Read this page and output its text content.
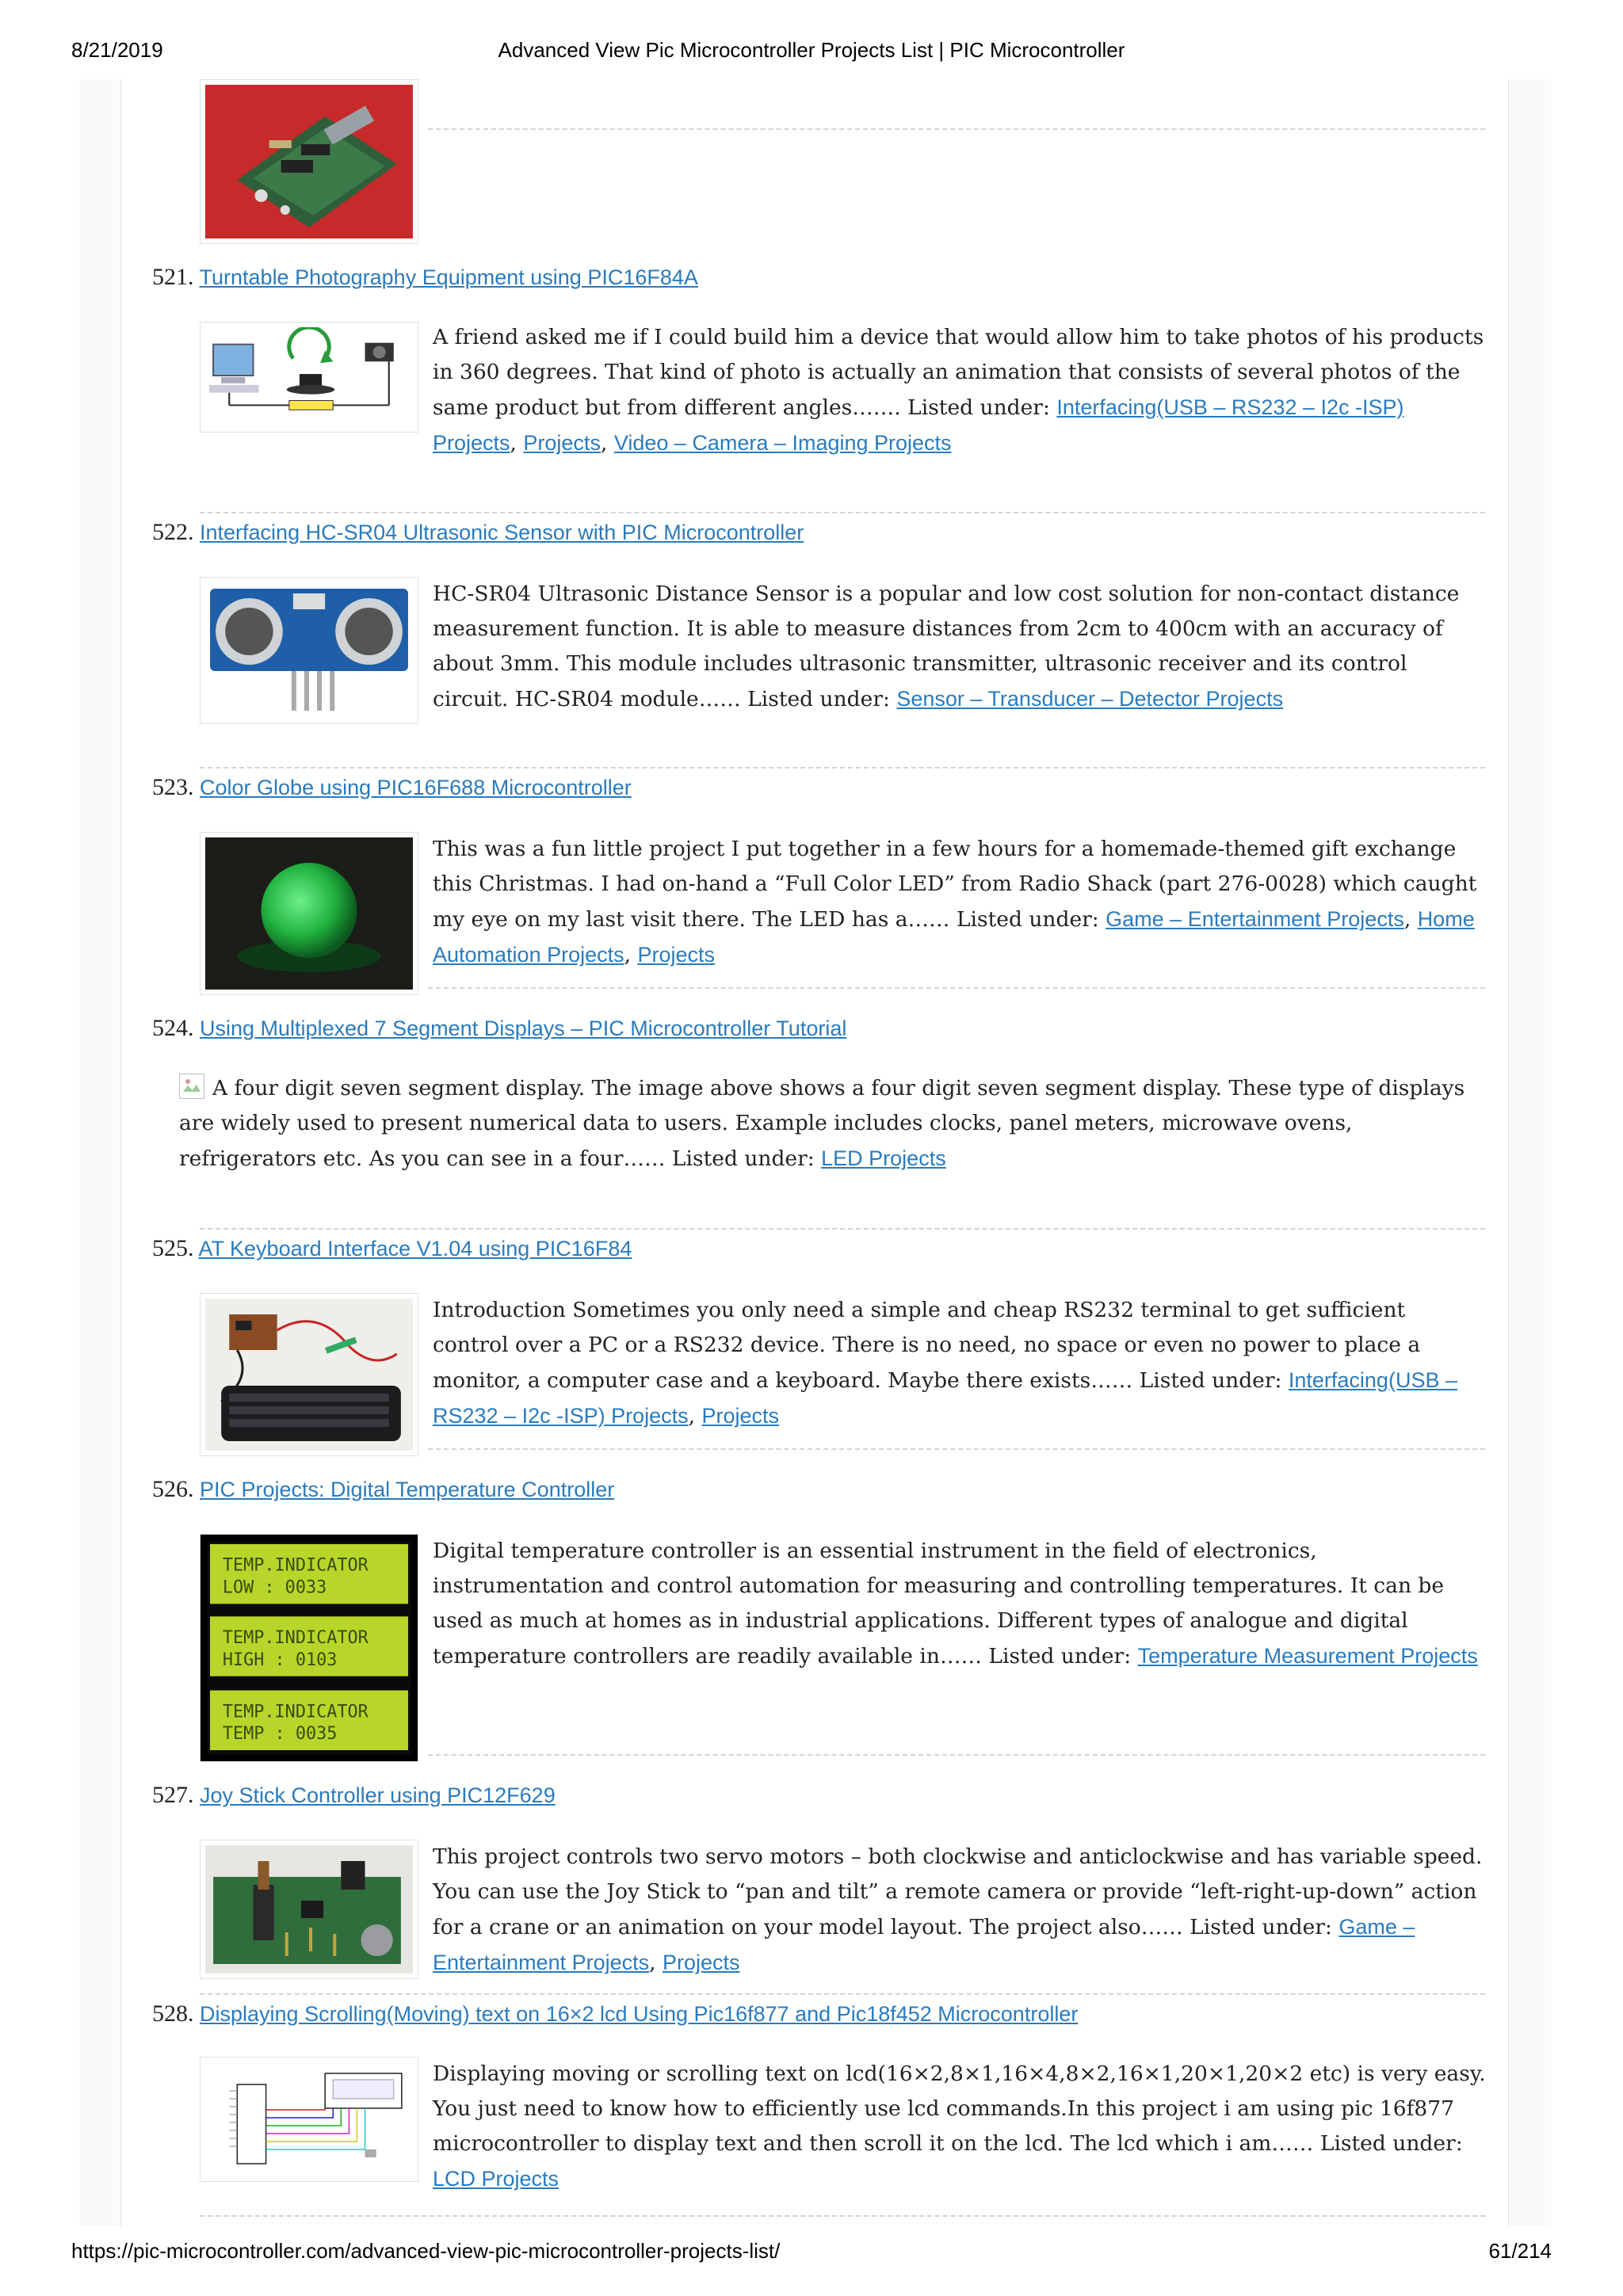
8/21/2019	Advanced View Pic Microcontroller Projects List | PIC Microcontroller
521. Turntable Photography Equipment using PIC16F84A
A friend asked me if I could build him a device that would allow him to take photos of his products in 360 degrees. That kind of photo is actually an animation that consists of several photos of the same product but from different angles……. Listed under: Interfacing(USB – RS232 – I2c -ISP) Projects, Projects, Video – Camera – Imaging Projects
522. Interfacing HC-SR04 Ultrasonic Sensor with PIC Microcontroller
HC-SR04 Ultrasonic Distance Sensor is a popular and low cost solution for non-contact distance measurement function. It is able to measure distances from 2cm to 400cm with an accuracy of about 3mm. This module includes ultrasonic transmitter, ultrasonic receiver and its control circuit. HC-SR04 module…… Listed under: Sensor – Transducer – Detector Projects
523. Color Globe using PIC16F688 Microcontroller
This was a fun little project I put together in a few hours for a homemade-themed gift exchange this Christmas. I had on-hand a “Full Color LED” from Radio Shack (part 276-0028) which caught my eye on my last visit there. The LED has a…… Listed under: Game – Entertainment Projects, Home Automation Projects, Projects
524. Using Multiplexed 7 Segment Displays – PIC Microcontroller Tutorial
A four digit seven segment display. The image above shows a four digit seven segment display. These type of displays are widely used to present numerical data to users. Example includes clocks, panel meters, microwave ovens, refrigerators etc. As you can see in a four…… Listed under: LED Projects
525. AT Keyboard Interface V1.04 using PIC16F84
Introduction Sometimes you only need a simple and cheap RS232 terminal to get sufficient control over a PC or a RS232 device. There is no need, no space or even no power to place a monitor, a computer case and a keyboard. Maybe there exists…… Listed under: Interfacing(USB – RS232 – I2c -ISP) Projects, Projects
526. PIC Projects: Digital Temperature Controller
TEMP.INDICATOR
LOW : 0033
TEMP.INDICATOR
HIGH : 0103
TEMP.INDICATOR
TEMP : 0035
Digital temperature controller is an essential instrument in the field of electronics, instrumentation and control automation for measuring and controlling temperatures. It can be used as much at homes as in industrial applications. Different types of analogue and digital temperature controllers are readily available in…… Listed under: Temperature Measurement Projects
527. Joy Stick Controller using PIC12F629
This project controls two servo motors – both clockwise and anticlockwise and has variable speed. You can use the Joy Stick to “pan and tilt” a remote camera or provide “left-right-up-down” action for a crane or an animation on your model layout. The project also…… Listed under: Game – Entertainment Projects, Projects
528. Displaying Scrolling(Moving) text on 16×2 lcd Using Pic16f877 and Pic18f452 Microcontroller
Displaying moving or scrolling text on lcd(16×2,8×1,16×4,8×2,16×1,20×1,20×2 etc) is very easy. You just need to know how to efficiently use lcd commands.In this project i am using pic 16f877 microcontroller to display text and then scroll it on the lcd. The lcd which i am…… Listed under: LCD Projects
https://pic-microcontroller.com/advanced-view-pic-microcontroller-projects-list/	61/214
